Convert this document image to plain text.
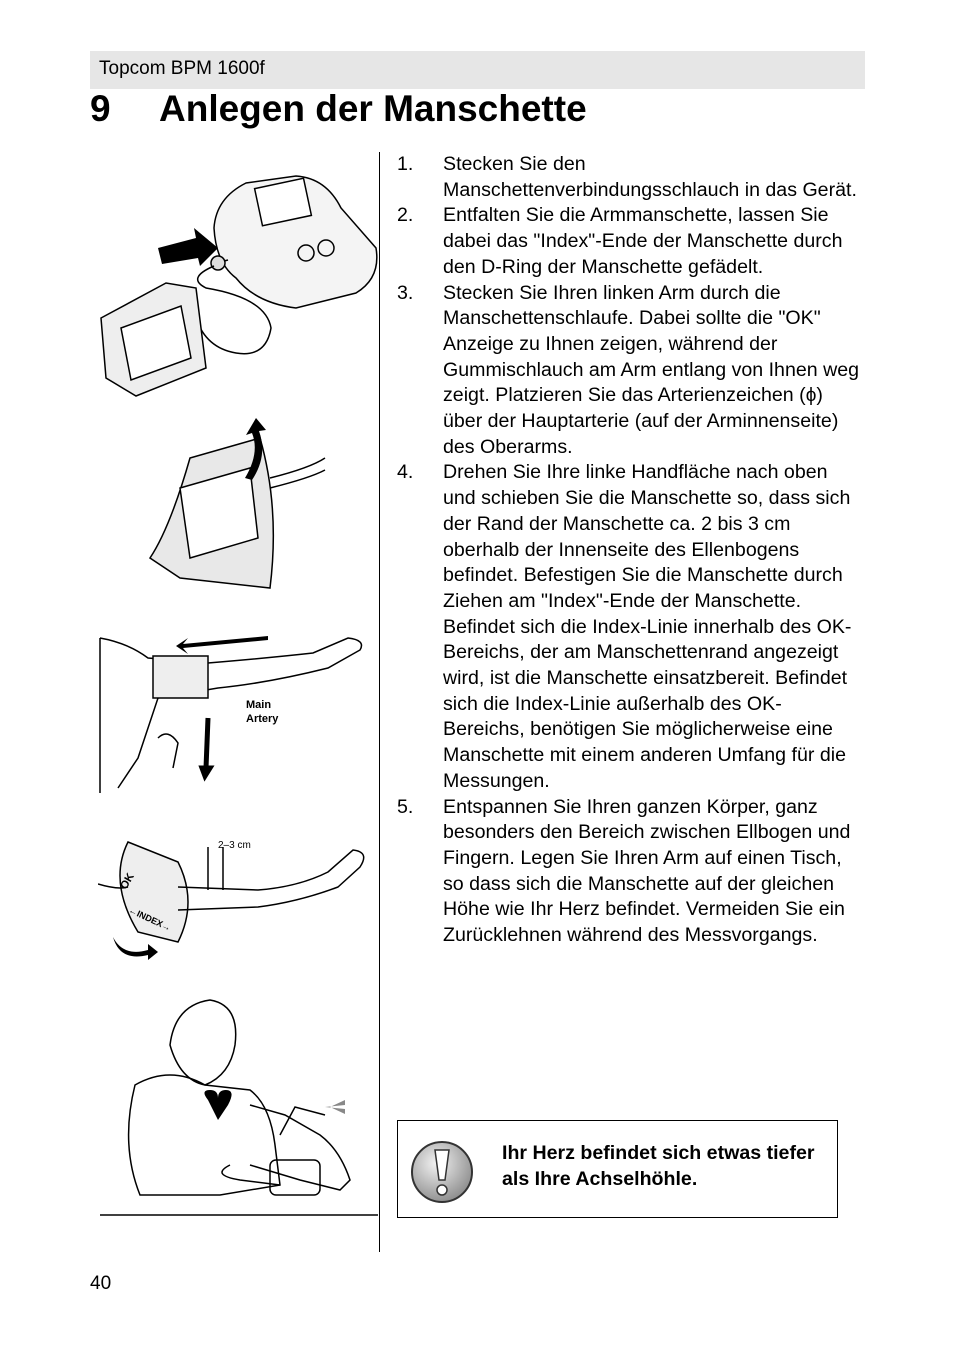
Topcom BPM 1600f
9 Anlegen der Manschette
Main
Artery
2–3 cm
OK
←INDEX→
1. Stecken Sie den Manschettenverbindungsschlauch in das Gerät.
2. Entfalten Sie die Armmanschette, lassen Sie dabei das "Index"-Ende der Manschette durch den D-Ring der Manschette gefädelt.
3. Stecken Sie Ihren linken Arm durch die Manschettenschlaufe. Dabei sollte die "OK" Anzeige zu Ihnen zeigen, während der Gummischlauch am Arm entlang von Ihnen weg zeigt. Platzieren Sie das Arterienzeichen (ϕ) über der Hauptarterie (auf der Arminnenseite) des Oberarms.
4. Drehen Sie Ihre linke Handfläche nach oben und schieben Sie die Manschette so, dass sich der Rand der Manschette ca. 2 bis 3 cm oberhalb der Innenseite des Ellenbogens befindet. Befestigen Sie die Manschette durch Ziehen am "Index"-Ende der Manschette. Befindet sich die Index-Linie innerhalb des OK-Bereichs, der am Manschettenrand angezeigt wird, ist die Manschette einsatzbereit. Befindet sich die Index-Linie außerhalb des OK-Bereichs, benötigen Sie möglicherweise eine Manschette mit einem anderen Umfang für die Messungen.
5. Entspannen Sie Ihren ganzen Körper, ganz besonders den Bereich zwischen Ellbogen und Fingern. Legen Sie Ihren Arm auf einen Tisch, so dass sich die Manschette auf der gleichen Höhe wie Ihr Herz befindet. Vermeiden Sie ein Zurücklehnen während des Messvorgangs.
Ihr Herz befindet sich etwas tiefer als Ihre Achselhöhle.
40
